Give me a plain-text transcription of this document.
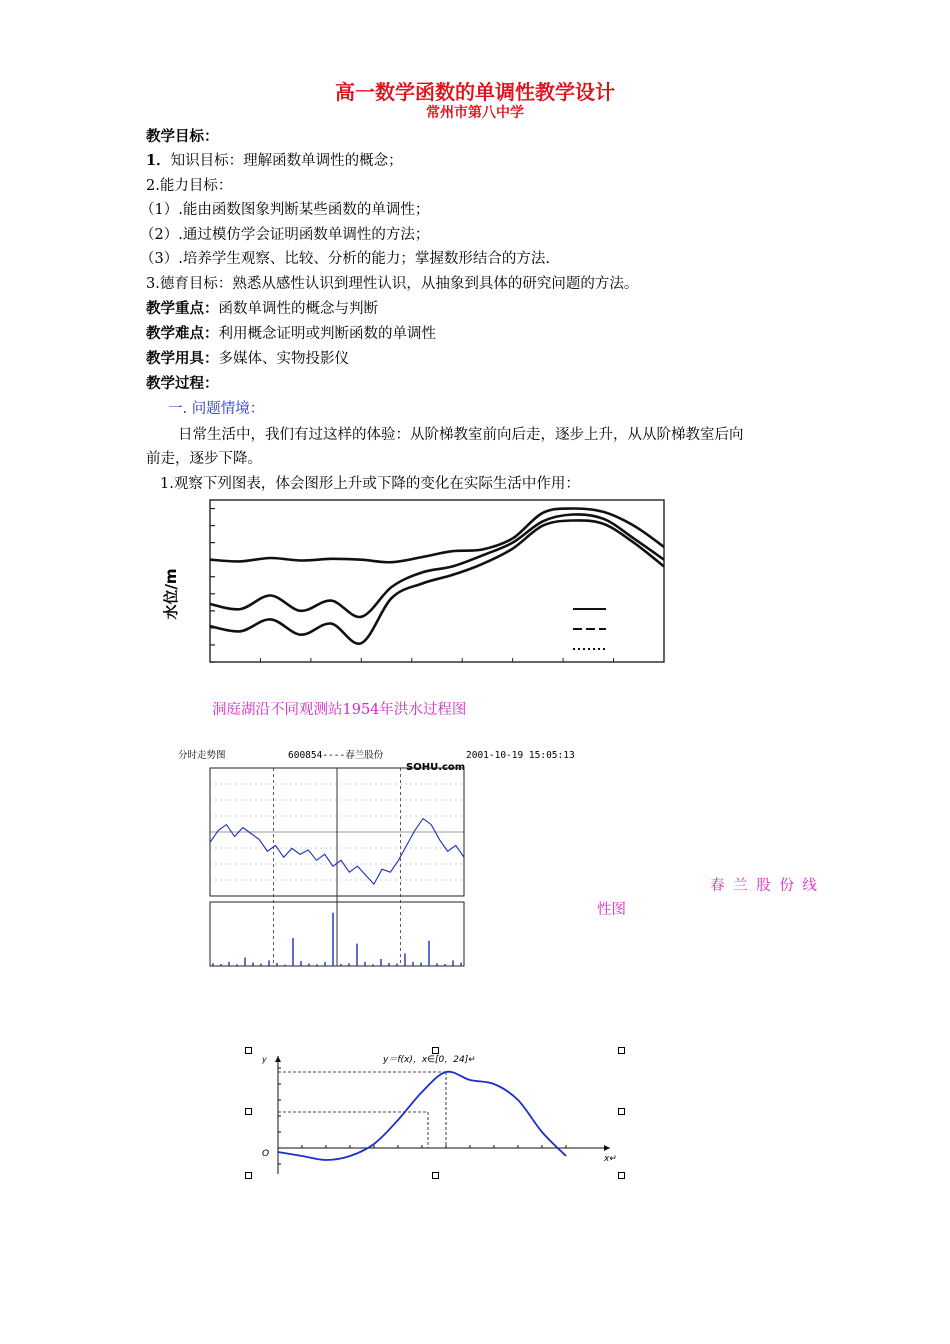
高一数学函数的单调性教学设计
常州市第八中学
教学目标：
1．知识目标：理解函数单调性的概念；
2.能力目标：
（1）.能由函数图象判断某些函数的单调性；
（2）.通过模仿学会证明函数单调性的方法；
（3）.培养学生观察、比较、分析的能力；掌握数形结合的方法.
3.德育目标：熟悉从感性认识到理性认识，从抽象到具体的研究问题的方法。
教学重点：函数单调性的概念与判断
教学难点：利用概念证明或判断函数的单调性
教学用具：多媒体、实物投影仪
教学过程：
一. 问题情境：
日常生活中，我们有过这样的体验：从阶梯教室前向后走，逐步上升，从从阶梯教室后向
前走，逐步下降。
1.观察下列图表，体会图形上升或下降的变化在实际生活中作用：
水位/m
洞庭湖沿不同观测站1954年洪水过程图
分时走势图	600854----春兰股份	2001-10-19 15:05:13
SOHU.com
春 兰 股 份 线
性图
y＝f(x)，x∈[0，24]↵
y
x↵
O
